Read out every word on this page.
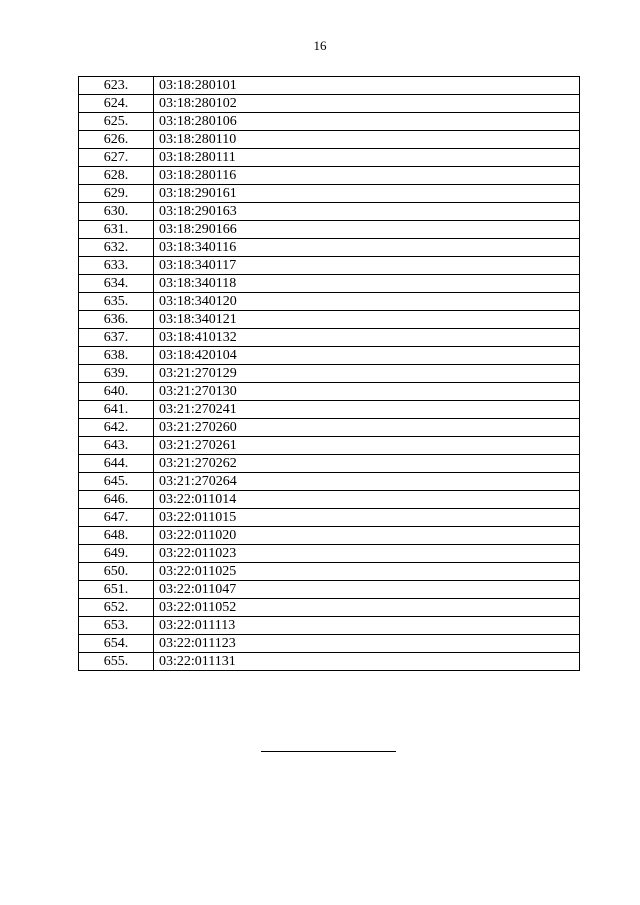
16
623.	03:18:280101
624.	03:18:280102
625.	03:18:280106
626.	03:18:280110
627.	03:18:280111
628.	03:18:280116
629.	03:18:290161
630.	03:18:290163
631.	03:18:290166
632.	03:18:340116
633.	03:18:340117
634.	03:18:340118
635.	03:18:340120
636.	03:18:340121
637.	03:18:410132
638.	03:18:420104
639.	03:21:270129
640.	03:21:270130
641.	03:21:270241
642.	03:21:270260
643.	03:21:270261
644.	03:21:270262
645.	03:21:270264
646.	03:22:011014
647.	03:22:011015
648.	03:22:011020
649.	03:22:011023
650.	03:22:011025
651.	03:22:011047
652.	03:22:011052
653.	03:22:011113
654.	03:22:011123
655.	03:22:011131
